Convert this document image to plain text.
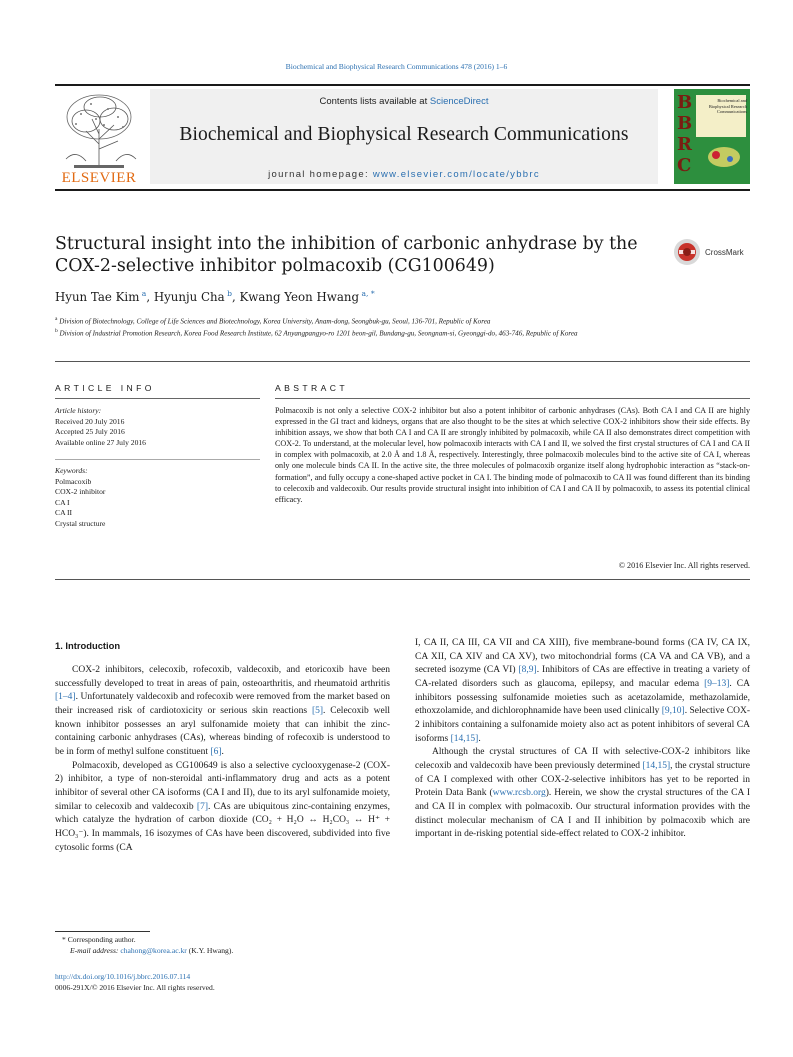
Biochemical and Biophysical Research Communications 478 (2016) 1–6
ELSEVIER
Contents lists available at ScienceDirect
Biochemical and Biophysical Research Communications
journal homepage: www.elsevier.com/locate/ybbrc
B
B
R
C
Biochemical and Biophysical Research Communications
Structural insight into the inhibition of carbonic anhydrase by the COX-2-selective inhibitor polmacoxib (CG100649)
CrossMark
Hyun Tae Kim $^a$, Hyunju Cha $^b$, Kwang Yeon Hwang $^{a, *}$
$^a$ Division of Biotechnology, College of Life Sciences and Biotechnology, Korea University, Anam-dong, Seongbuk-gu, Seoul, 136-701, Republic of Korea
$^b$ Division of Industrial Promotion Research, Korea Food Research Institute, 62 Anyangpangyo-ro 1201 beon-gil, Bundang-gu, Seongnam-si, Gyeonggi-do, 463-746, Republic of Korea
ARTICLE INFO
Article history:
Received 20 July 2016
Accepted 25 July 2016
Available online 27 July 2016
Keywords:
Polmacoxib
COX-2 inhibitor
CA I
CA II
Crystal structure
ABSTRACT
Polmacoxib is not only a selective COX-2 inhibitor but also a potent inhibitor of carbonic anhydrases (CAs). Both CA I and CA II are highly expressed in the GI tract and kidneys, organs that are also thought to be the sites at which selective COX-2 inhibitors show their side effects. By inhibition assays, we show that both CA I and CA II are strongly inhibited by polmacoxib, while CA II also demonstrates direct competition with COX-2. To understand, at the molecular level, how polmacoxib interacts with CA I and II, we solved the first crystal structures of CA I and CA II in complex with polmacoxib, at 2.0 Å and 1.8 Å, respectively. Interestingly, three polmacoxib molecules bind to the active site of CA I, whereas only one molecule binds CA II. In the active site, the three molecules of polmacoxib organize itself along hydrophobic interaction as “stack-on-formation”, and fully occupy a cone-shaped active pocket in CA I. The binding mode of polmacoxib to CA II was found different than its binding to celecoxib and valdecoxib. Our results provide structural insight into inhibition of CA I and CA II by polmacoxib, to assess its potential clinical efficacy.
© 2016 Elsevier Inc. All rights reserved.
1. Introduction

COX-2 inhibitors, celecoxib, rofecoxib, valdecoxib, and etoricoxib have been successfully developed to treat in areas of pain, osteoarthritis, and rheumatoid arthritis [1–4]. Unfortunately valdecoxib and rofecoxib were removed from the market based on their increased risk of cardiotoxicity or serious skin reactions [5]. Celecoxib well known inhibitor possesses an aryl sulfonamide moiety that can inhibit the zinc-containing carbonic anhydrases (CAs), whereas binding of rofecoxib is understood to be in form of methyl sulfone constituent [6].

Polmacoxib, developed as CG100649 is also a selective cyclooxygenase-2 (COX-2) inhibitor, a type of non-steroidal anti-inflammatory drug and acts as a potent inhibitor of several other CA isoforms (CA I and II), due to its aryl sulfonamide moiety, similar to celecoxib and valdecoxib [7]. CAs are ubiquitous zinc-containing enzymes, which catalyze the hydration of carbon dioxide (CO₂ + H₂O ↔ H₂CO₃ ↔ H⁺ + HCO₃⁻). In mammals, 16 isozymes of CAs have been discovered, subdivided into five cytosolic forms (CA

I, CA II, CA III, CA VII and CA XIII), five membrane-bound forms (CA IV, CA IX, CA XII, CA XIV and CA XV), two mitochondrial forms (CA VA and CA VB), and a secreted isozyme (CA VI) [8,9]. Inhibitors of CAs are effective in treating a variety of CA-related disorders such as glaucoma, epilepsy, and macular edema [9–13]. CA inhibitors possessing sulfonamide moieties such as acetazolamide, methazolamide, ethoxzolamide, and dichlorophnamide have been used clinically [9,10]. Selective COX-2 inhibitors containing a sulfonamide moiety also act as potent inhibitors of several CA isoforms [14,15].

Although the crystal structures of CA II with selective-COX-2 inhibitors like celecoxib and valdecoxib have been previously determined [14,15], the crystal structure of CA I complexed with other COX-2-selective inhibitors has yet to be reported in Protein Data Bank (www.rcsb.org). Herein, we show the crystal structures of the CA I and CA II in complex with polmacoxib. Our structural information provides with the distinct molecular mechanism of CA I and II inhibition by polmacoxib which are important in de-risking potential side-effect related to COX-2 inhibitor.

* Corresponding author.
E-mail address: chahong@korea.ac.kr (K.Y. Hwang).
http://dx.doi.org/10.1016/j.bbrc.2016.07.114
0006-291X/© 2016 Elsevier Inc. All rights reserved.
